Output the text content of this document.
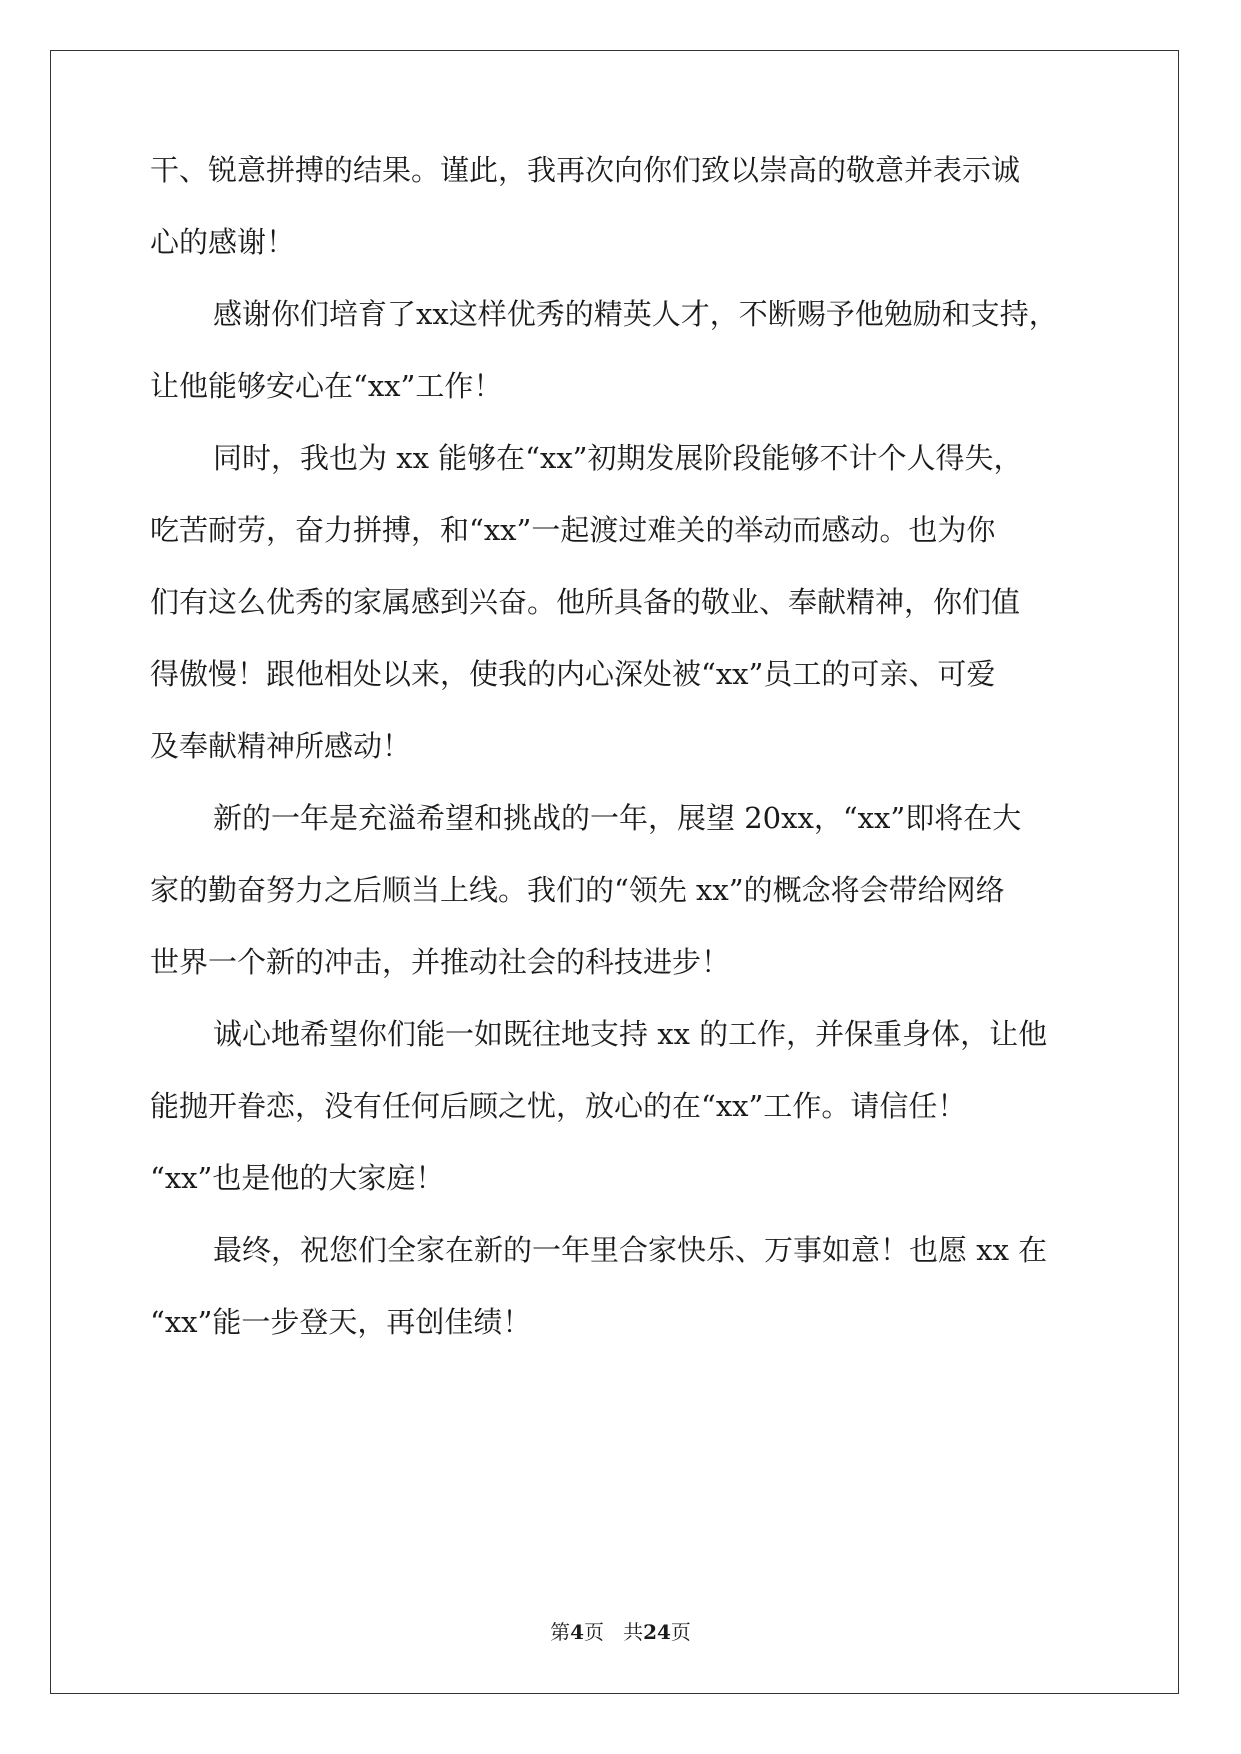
干、锐意拼搏的结果。谨此，我再次向你们致以崇高的敬意并表示诚
心的感谢！
感谢你们培育了xx这样优秀的精英人才，不断赐予他勉励和支持，
让他能够安心在“xx”工作！
同时，我也为 xx 能够在“xx”初期发展阶段能够不计个人得失，
吃苦耐劳，奋力拼搏，和“xx”一起渡过难关的举动而感动。也为你
们有这么优秀的家属感到兴奋。他所具备的敬业、奉献精神，你们值
得傲慢！跟他相处以来，使我的内心深处被“xx”员工的可亲、可爱
及奉献精神所感动！
新的一年是充溢希望和挑战的一年，展望 20xx，“xx”即将在大
家的勤奋努力之后顺当上线。我们的“领先 xx”的概念将会带给网络
世界一个新的冲击，并推动社会的科技进步！
诚心地希望你们能一如既往地支持 xx 的工作，并保重身体，让他
能抛开眷恋，没有任何后顾之忧，放心的在“xx”工作。请信任！
“xx”也是他的大家庭！
最终，祝您们全家在新的一年里合家快乐、万事如意！也愿 xx 在
“xx”能一步登天，再创佳绩！
第4页 共24页
